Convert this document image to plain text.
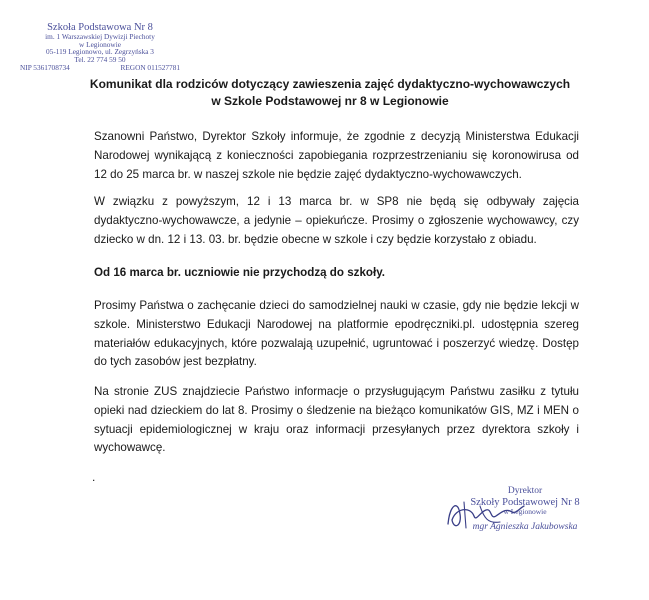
Szkoła Podstawowa Nr 8
im. 1 Warszawskiej Dywizji Piechoty
w Legionowie
05-119 Legionowo, ul. Zegrzyńska 3
Tel. 22 774 59 50
NIP 5361708734	REGON 011527781
Komunikat dla rodziców dotyczący zawieszenia zajęć dydaktyczno-wychowawczych
w Szkole Podstawowej nr 8 w Legionowie

Szanowni Państwo, Dyrektor Szkoły informuje, że zgodnie z decyzją Ministerstwa Edukacji Narodowej wynikającą z konieczności zapobiegania rozprzestrzenianiu się koronowirusa od 12 do 25 marca br. w naszej szkole nie będzie zajęć dydaktyczno-wychowawczych.

W związku z powyższym, 12 i 13 marca br. w SP8 nie będą się odbywały zajęcia dydaktyczno-wychowawcze, a jedynie – opiekuńcze. Prosimy o zgłoszenie wychowawcy, czy dziecko w dn. 12 i 13. 03. br. będzie obecne w szkole i czy będzie korzystało z obiadu.

Od 16 marca br. uczniowie nie przychodzą do szkoły.

Prosimy Państwa o zachęcanie dzieci do samodzielnej nauki w czasie, gdy nie będzie lekcji w szkole. Ministerstwo Edukacji Narodowej na platformie epodręczniki.pl. udostępnia szereg materiałów edukacyjnych, które pozwalają uzupełnić, ugruntować i poszerzyć wiedzę. Dostęp do tych zasobów jest bezpłatny.

Na stronie ZUS znajdziecie Państwo informacje o przysługującym Państwu zasiłku z tytułu opieki nad dzieckiem do lat 8. Prosimy o śledzenie na bieżąco komunikatów GIS, MZ i MEN o sytuacji epidemiologicznej w kraju oraz informacji przesyłanych przez dyrektora szkoły i wychowawcę.

.
Dyrektor
Szkoły Podstawowej Nr 8
w Legionowie
mgr Agnieszka Jakubowska
